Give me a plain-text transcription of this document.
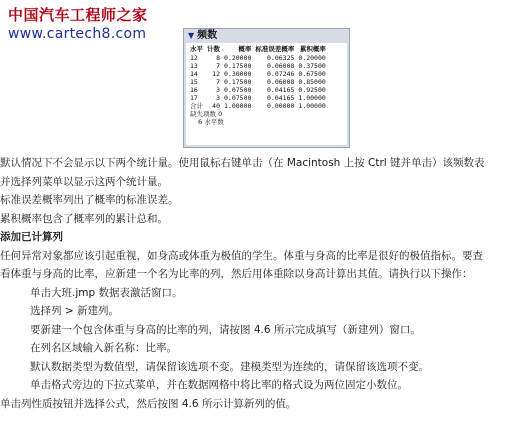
中国汽车工程师之家
www.cartech8.com	▼ 频数
水平	计数	概率	标准误差概率	累积概率
12	8	0.20000	0.06325	0.20000
13	7	0.17500	0.06008	0.37500
14	12	0.30000	0.07246	0.67500
15	7	0.17500	0.06008	0.85000
16	3	0.07500	0.04165	0.92500
17	3	0.07500	0.04165	1.00000
合计	40	1.00000	0.00000	1.00000
缺失项数 0
6 水平数
默认情况下不会显示以下两个统计量。使用鼠标右键单击（在 Macintosh 上按 Ctrl 键并单击）该频数表
并选择列菜单以显示这两个统计量。
标准误差概率列出了概率的标准误差。
累积概率包含了概率列的累计总和。
添加已计算列
任何异常对象都应该引起重视，如身高或体重为极值的学生。体重与身高的比率是很好的极值指标。要查
看体重与身高的比率，应新建一个名为比率的列，然后用体重除以身高计算出其值。请执行以下操作：
单击大班.jmp 数据表激活窗口。
选择列 > 新建列。
要新建一个包含体重与身高的比率的列，请按图 4.6 所示完成填写（新建列）窗口。
在列名区域输入新名称：比率。
默认数据类型为数值型，请保留该选项不变。建模类型为连续的，请保留该选项不变。
单击格式旁边的下拉式菜单，并在数据网格中将比率的格式设为两位固定小数位。
单击列性质按钮并选择公式，然后按图 4.6 所示计算新列的值。
